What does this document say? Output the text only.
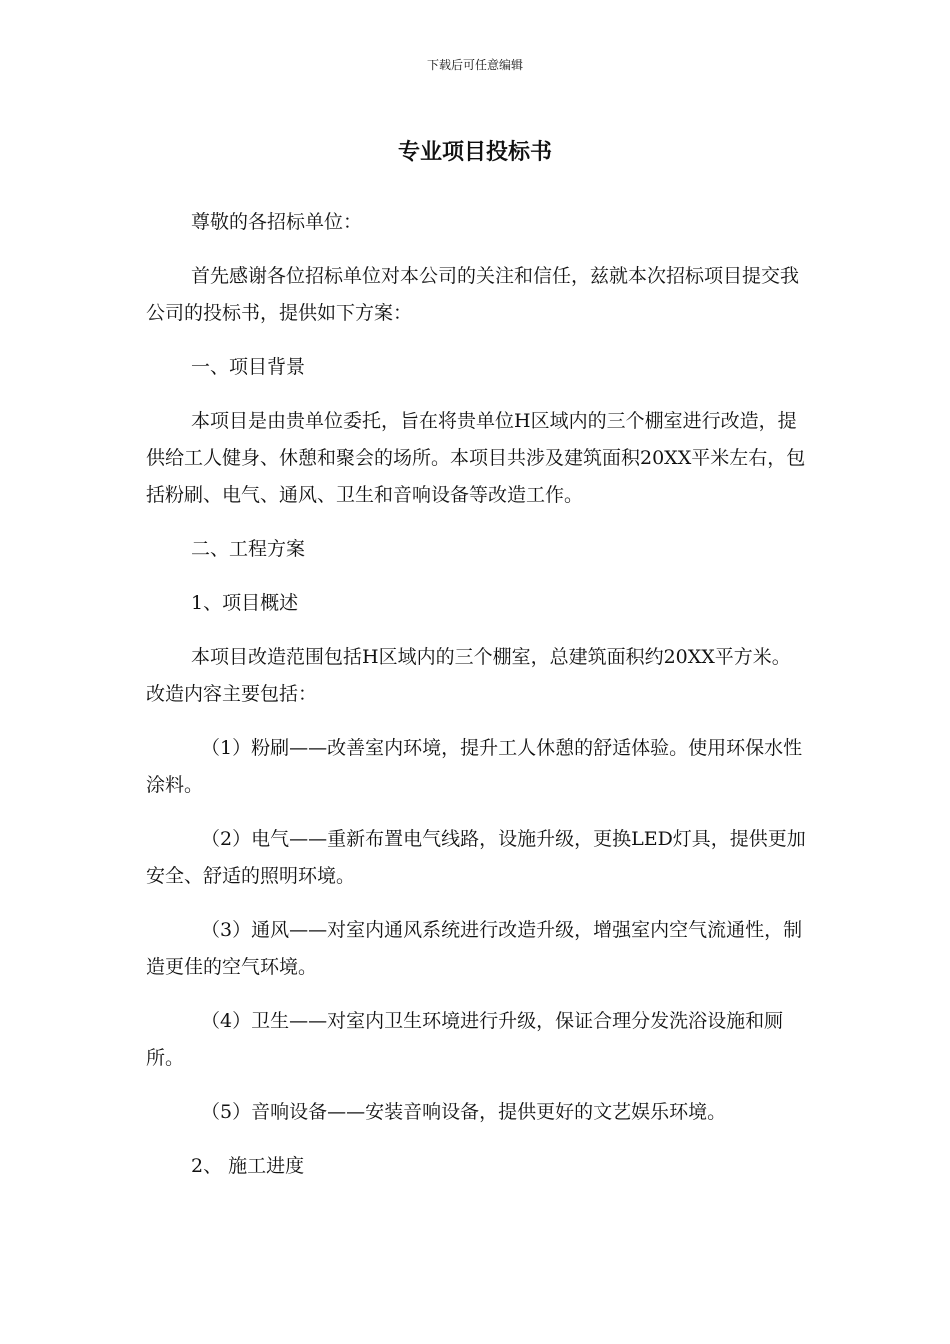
下载后可任意编辑
专业项目投标书

尊敬的各招标单位：

首先感谢各位招标单位对本公司的关注和信任，兹就本次招标项目提交我公司的投标书，提供如下方案：

一、项目背景

本项目是由贵单位委托，旨在将贵单位H区域内的三个棚室进行改造，提供给工人健身、休憩和聚会的场所。本项目共涉及建筑面积20XX平米左右，包括粉刷、电气、通风、卫生和音响设备等改造工作。

二、工程方案

1、项目概述

本项目改造范围包括H区域内的三个棚室，总建筑面积约20XX平方米。改造内容主要包括：

（1）粉刷——改善室内环境，提升工人休憩的舒适体验。使用环保水性涂料。

（2）电气——重新布置电气线路，设施升级，更换LED灯具，提供更加安全、舒适的照明环境。

（3）通风——对室内通风系统进行改造升级，增强室内空气流通性，制造更佳的空气环境。

（4）卫生——对室内卫生环境进行升级，保证合理分发洗浴设施和厕所。

（5）音响设备——安装音响设备，提供更好的文艺娱乐环境。

2、 施工进度
